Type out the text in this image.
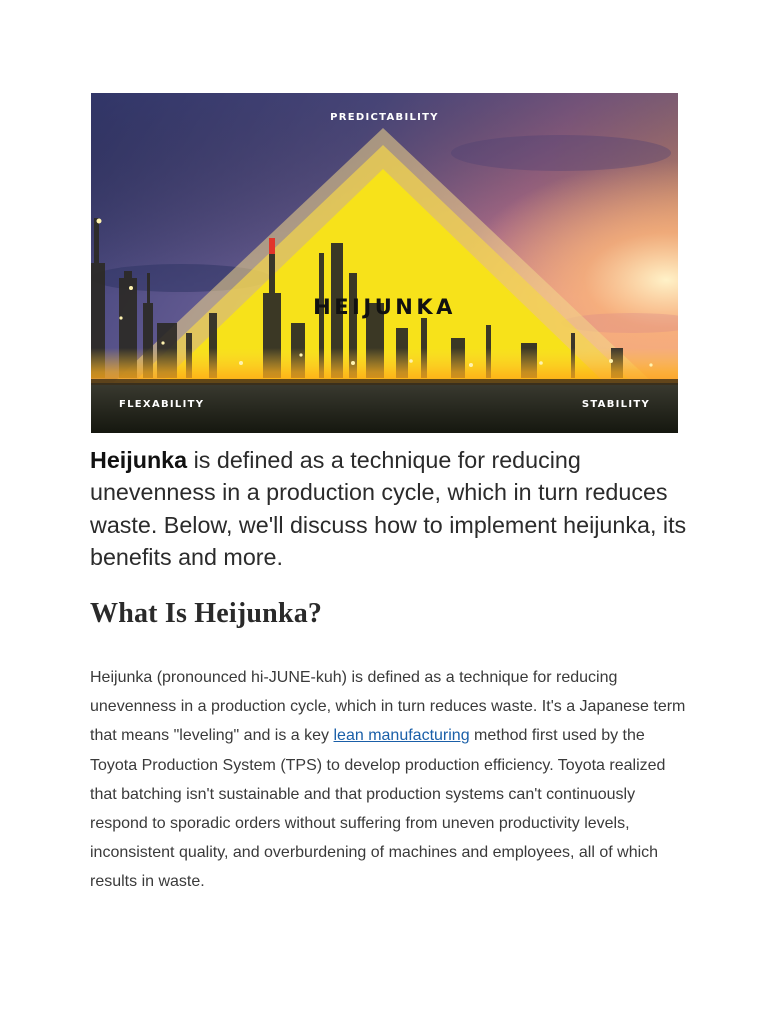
PREDICTABILITY
HEIJUNKA
FLEXABILITY	STABILITY

Heijunka is defined as a technique for reducing unevenness in a production cycle, which in turn reduces waste. Below, we'll discuss how to implement heijunka, its benefits and more.

What Is Heijunka?

Heijunka (pronounced hi-JUNE-kuh) is defined as a technique for reducing unevenness in a production cycle, which in turn reduces waste. It's a Japanese term that means "leveling" and is a key lean manufacturing method first used by the Toyota Production System (TPS) to develop production efficiency. Toyota realized that batching isn't sustainable and that production systems can't continuously respond to sporadic orders without suffering from uneven productivity levels, inconsistent quality, and overburdening of machines and employees, all of which results in waste.
